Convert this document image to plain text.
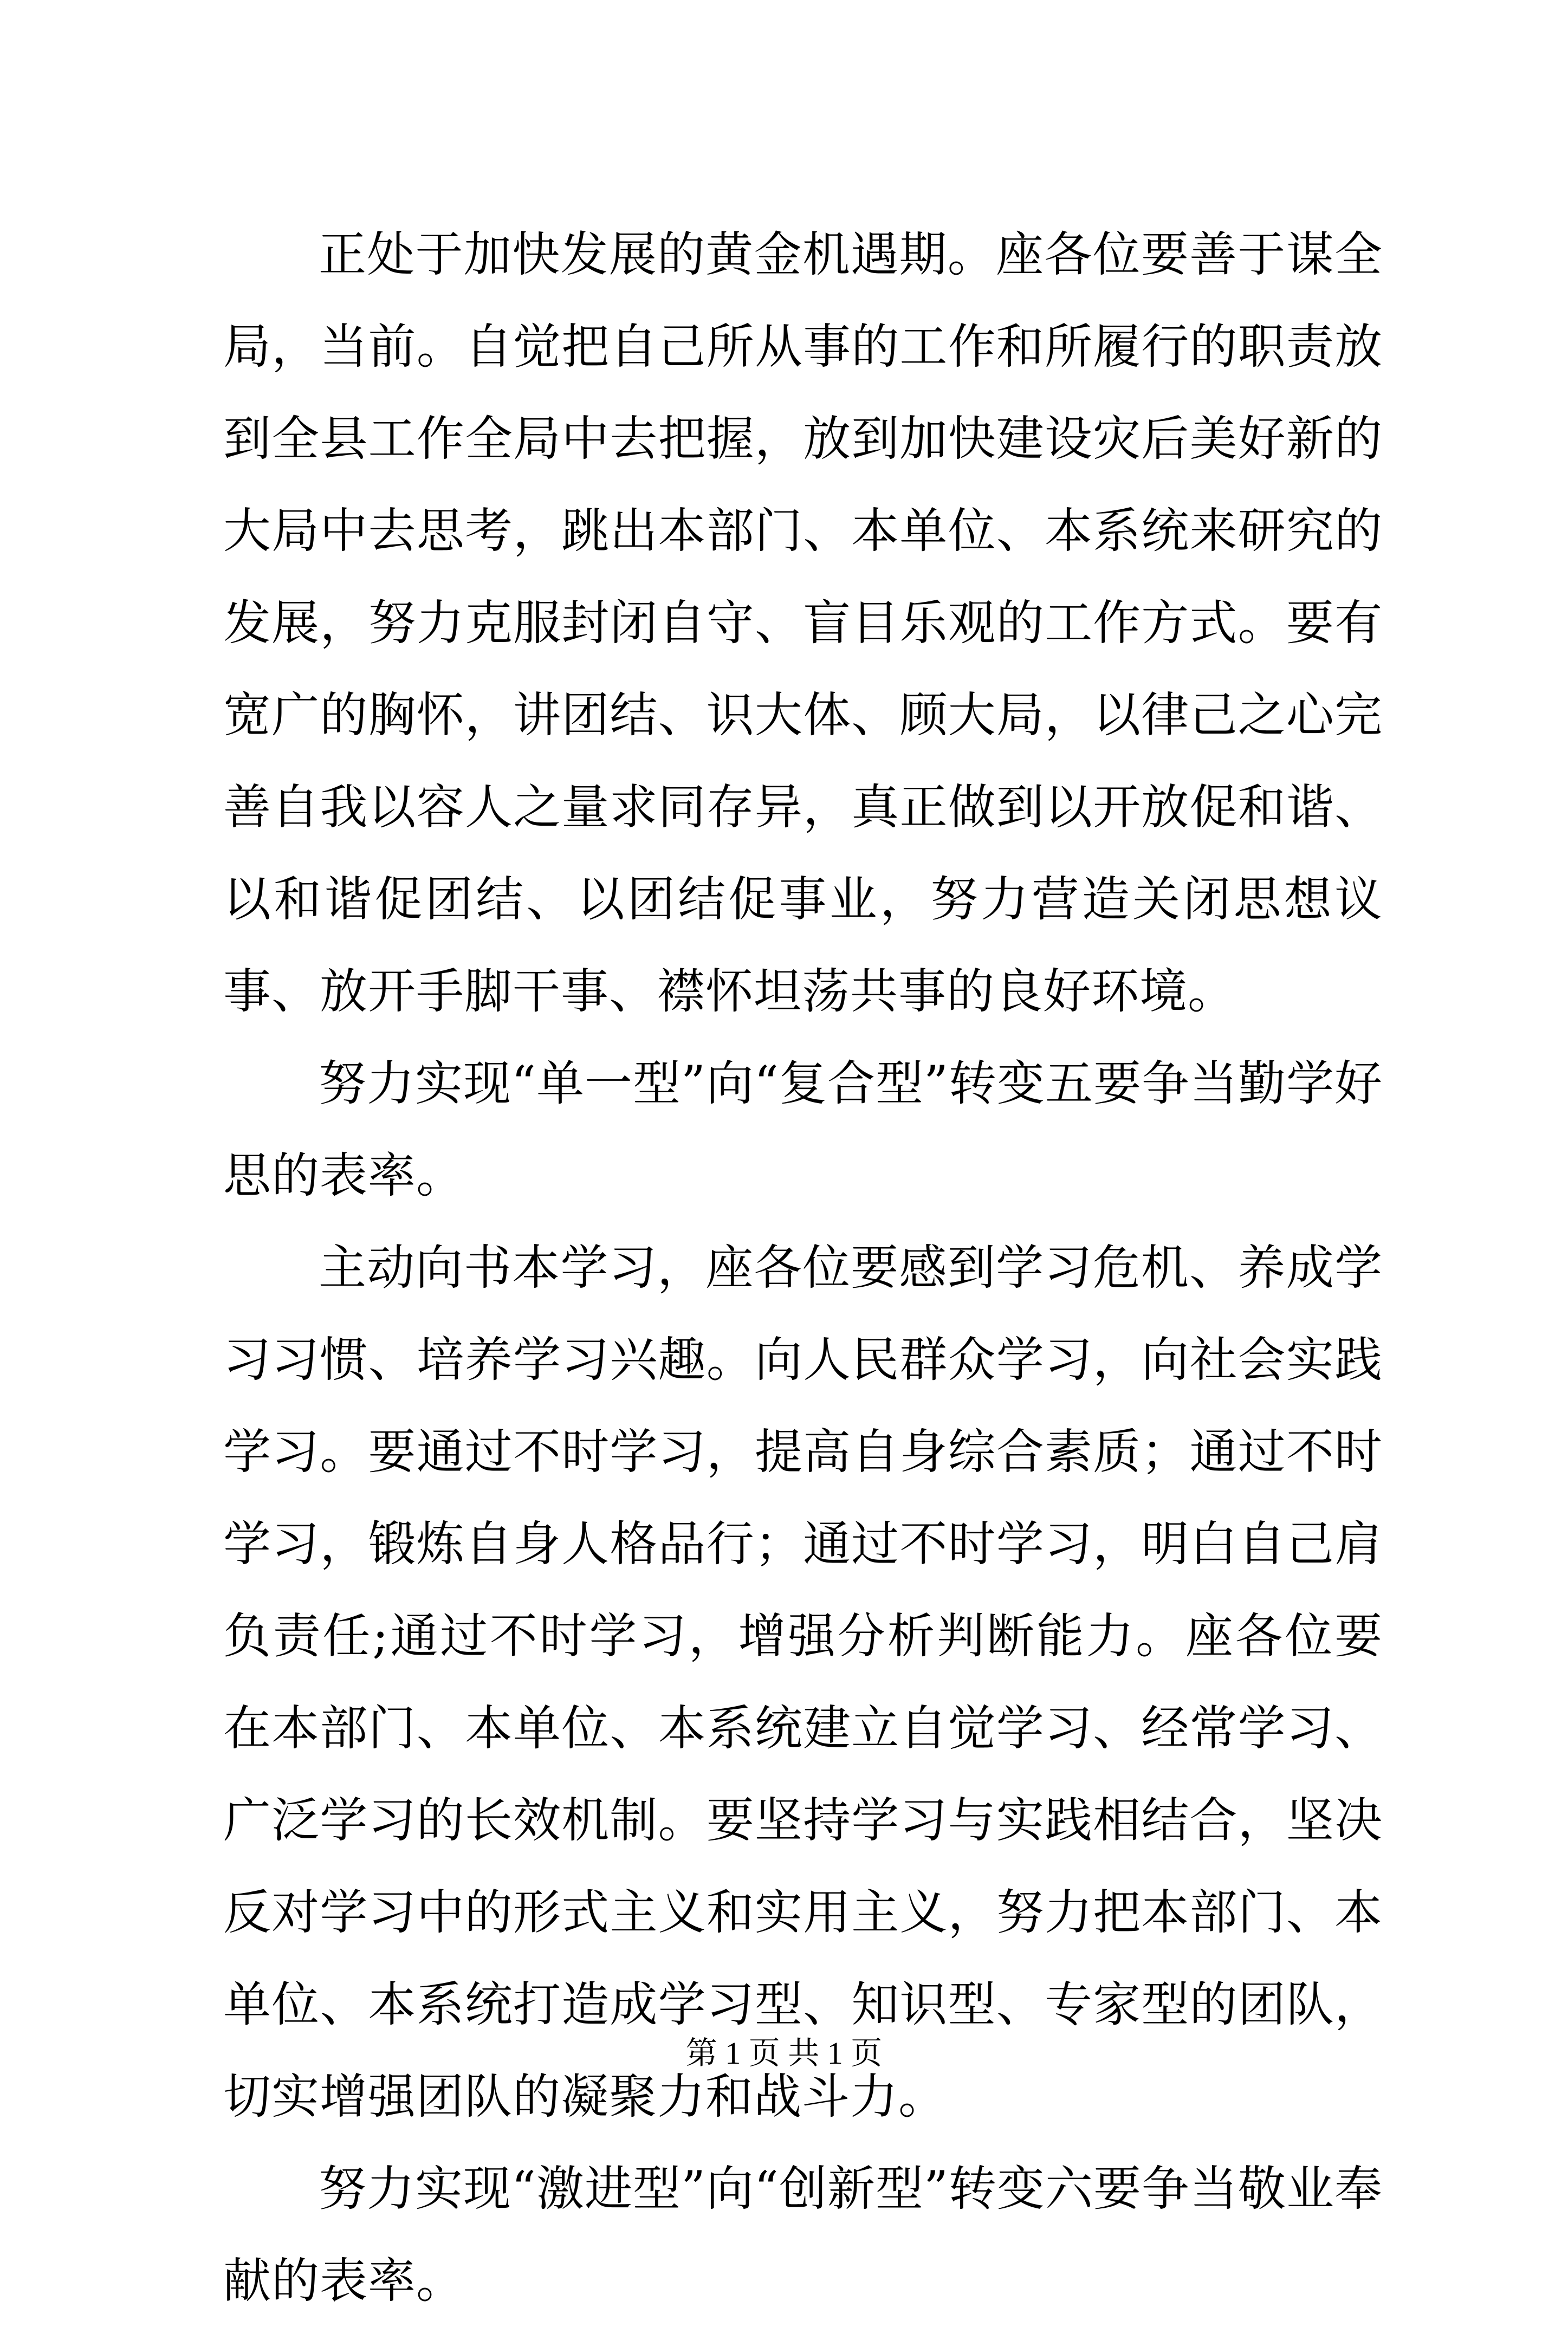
正处于加快发展的黄金机遇期。座各位要善于谋全局，当前。自觉把自己所从事的工作和所履行的职责放到全县工作全局中去把握，放到加快建设灾后美好新的大局中去思考，跳出本部门、本单位、本系统来研究的发展，努力克服封闭自守、盲目乐观的工作方式。要有宽广的胸怀，讲团结、识大体、顾大局，以律己之心完善自我以容人之量求同存异，真正做到以开放促和谐、以和谐促团结、以团结促事业，努力营造关闭思想议事、放开手脚干事、襟怀坦荡共事的良好环境。

努力实现“单一型”向“复合型”转变五要争当勤学好思的表率。

主动向书本学习，座各位要感到学习危机、养成学习习惯、培养学习兴趣。向人民群众学习，向社会实践学习。要通过不时学习，提高自身综合素质；通过不时学习，锻炼自身人格品行；通过不时学习，明白自己肩负责任;通过不时学习，增强分析判断能力。座各位要在本部门、本单位、本系统建立自觉学习、经常学习、广泛学习的长效机制。要坚持学习与实践相结合，坚决反对学习中的形式主义和实用主义，努力把本部门、本单位、本系统打造成学习型、知识型、专家型的团队，切实增强团队的凝聚力和战斗力。

努力实现“激进型”向“创新型”转变六要争当敬业奉献的表率。

第 1 页 共 1 页
